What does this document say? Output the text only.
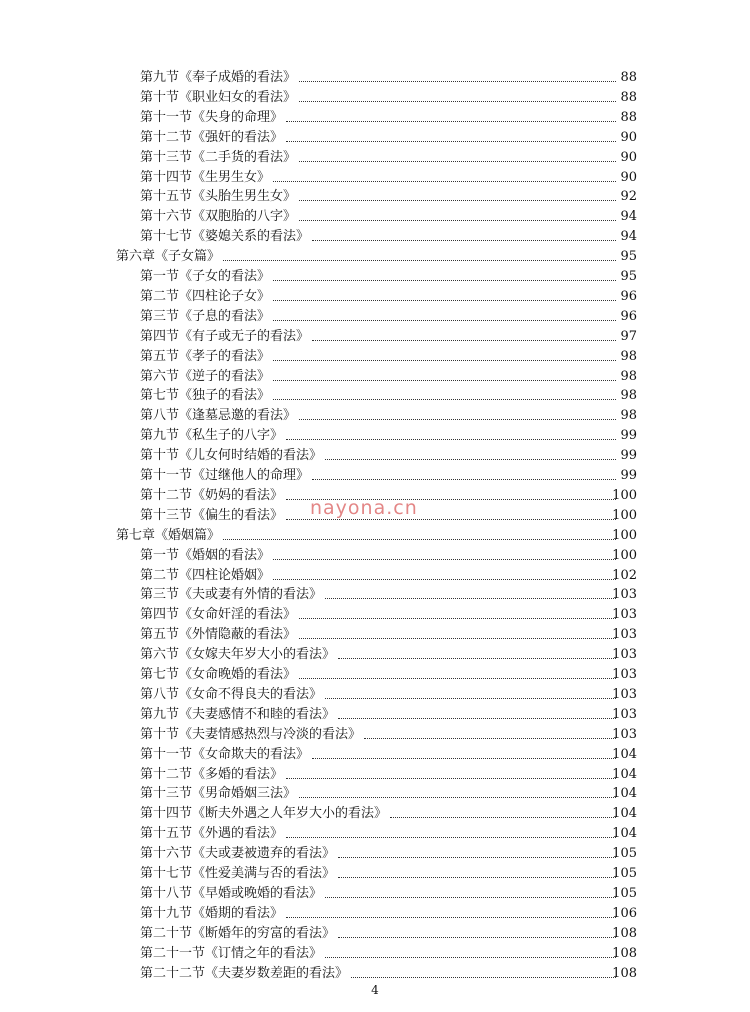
第九节《奉子成婚的看法》	88
第十节《职业妇女的看法》	88
第十一节《失身的命理》	88
第十二节《强奸的看法》	90
第十三节《二手货的看法》	90
第十四节《生男生女》	90
第十五节《头胎生男生女》	92
第十六节《双胞胎的八字》	94
第十七节《婆媳关系的看法》	94
第六章《子女篇》	95
第一节《子女的看法》	95
第二节《四柱论子女》	96
第三节《子息的看法》	96
第四节《有子或无子的看法》	97
第五节《孝子的看法》	98
第六节《逆子的看法》	98
第七节《独子的看法》	98
第八节《逢墓忌邀的看法》	98
第九节《私生子的八字》	99
第十节《儿女何时结婚的看法》	99
第十一节《过继他人的命理》	99
第十二节《奶妈的看法》	100
第十三节《偏生的看法》	100
第七章《婚姻篇》	100
第一节《婚姻的看法》	100
第二节《四柱论婚姻》	102
第三节《夫或妻有外情的看法》	103
第四节《女命奸淫的看法》	103
第五节《外情隐蔽的看法》	103
第六节《女嫁夫年岁大小的看法》	103
第七节《女命晚婚的看法》	103
第八节《女命不得良夫的看法》	103
第九节《夫妻感情不和睦的看法》	103
第十节《夫妻情感热烈与冷淡的看法》	103
第十一节《女命欺夫的看法》	104
第十二节《多婚的看法》	104
第十三节《男命婚姻三法》	104
第十四节《断夫外遇之人年岁大小的看法》	104
第十五节《外遇的看法》	104
第十六节《夫或妻被遗弃的看法》	105
第十七节《性爱美满与否的看法》	105
第十八节《早婚或晚婚的看法》	105
第十九节《婚期的看法》	106
第二十节《断婚年的穷富的看法》	108
第二十一节《订情之年的看法》	108
第二十二节《夫妻岁数差距的看法》	108
nayona.cn
4
